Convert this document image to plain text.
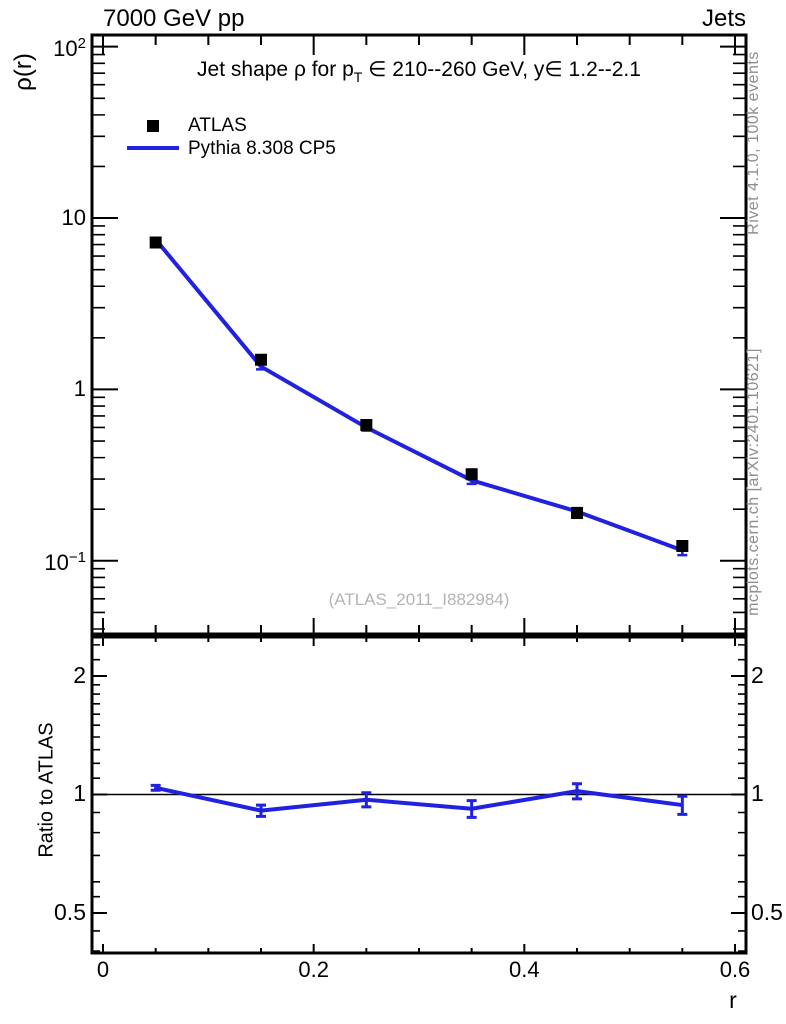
7000 GeV pp	Jets
Jet shape ρ for $p_T$ ∈ 210--260 GeV, y∈ 1.2--2.1
ATLAS
Pythia 8.308 CP5
ρ(r)
Ratio to ATLAS
Rivet 4.1.0, 100k events
mcplots.cern.ch [arXiv:2401.10621]
(ATLAS_2011_I882984)
r
$10^2$
10
1
$10^{-1}$
2	2
1	1
0.5	0.5
0	0.2	0.4	0.6
